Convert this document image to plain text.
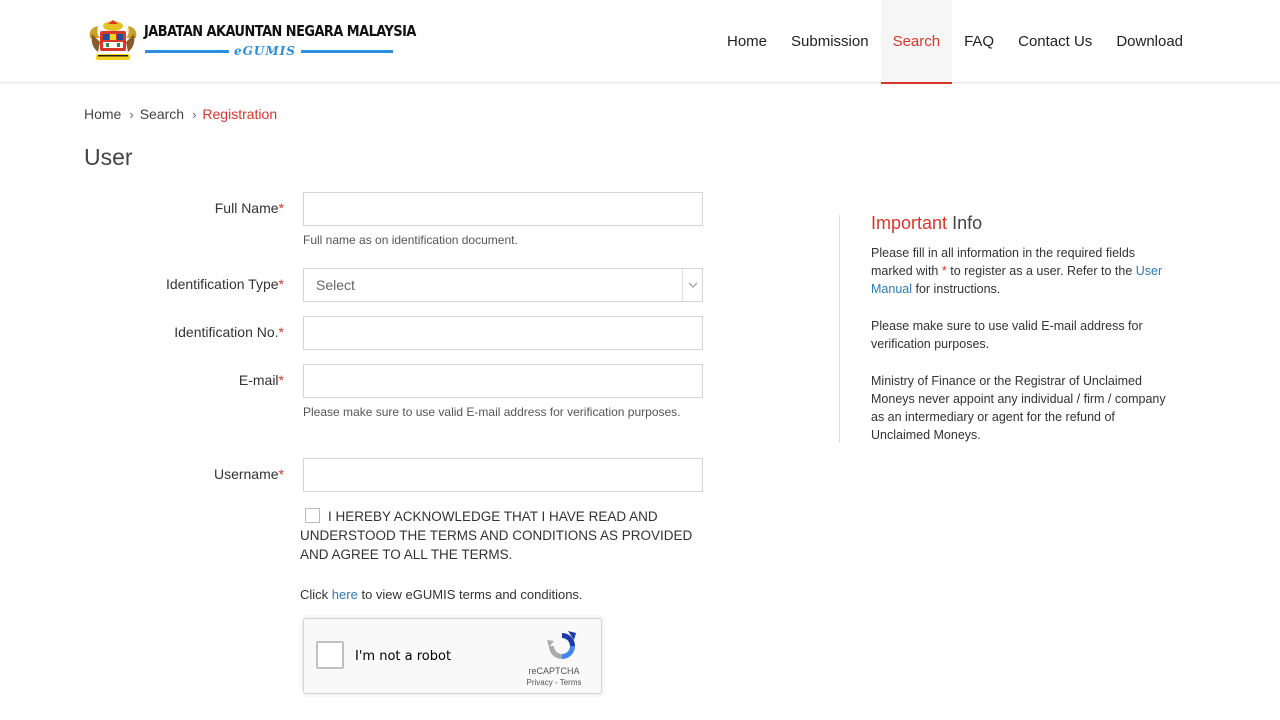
JABATAN AKAUNTAN NEGARA MALAYSIA
eGUMIS
Home	Submission	Search	FAQ	Contact Us	Download
Home › Search › Registration
User
Full Name*
Full name as on identification document.
Identification Type* Select
Identification No.*
E-mail*
Please make sure to use valid E-mail address for verification purposes.
Username*
I HEREBY ACKNOWLEDGE THAT I HAVE READ AND UNDERSTOOD THE TERMS AND CONDITIONS AS PROVIDED AND AGREE TO ALL THE TERMS.
Click here to view eGUMIS terms and conditions.
I'm not a robot
reCAPTCHA
Privacy - Terms
Important Info

Please fill in all information in the required fields marked with * to register as a user. Refer to the User Manual for instructions.

Please make sure to use valid E-mail address for verification purposes.

Ministry of Finance or the Registrar of Unclaimed Moneys never appoint any individual / firm / company as an intermediary or agent for the refund of Unclaimed Moneys.
